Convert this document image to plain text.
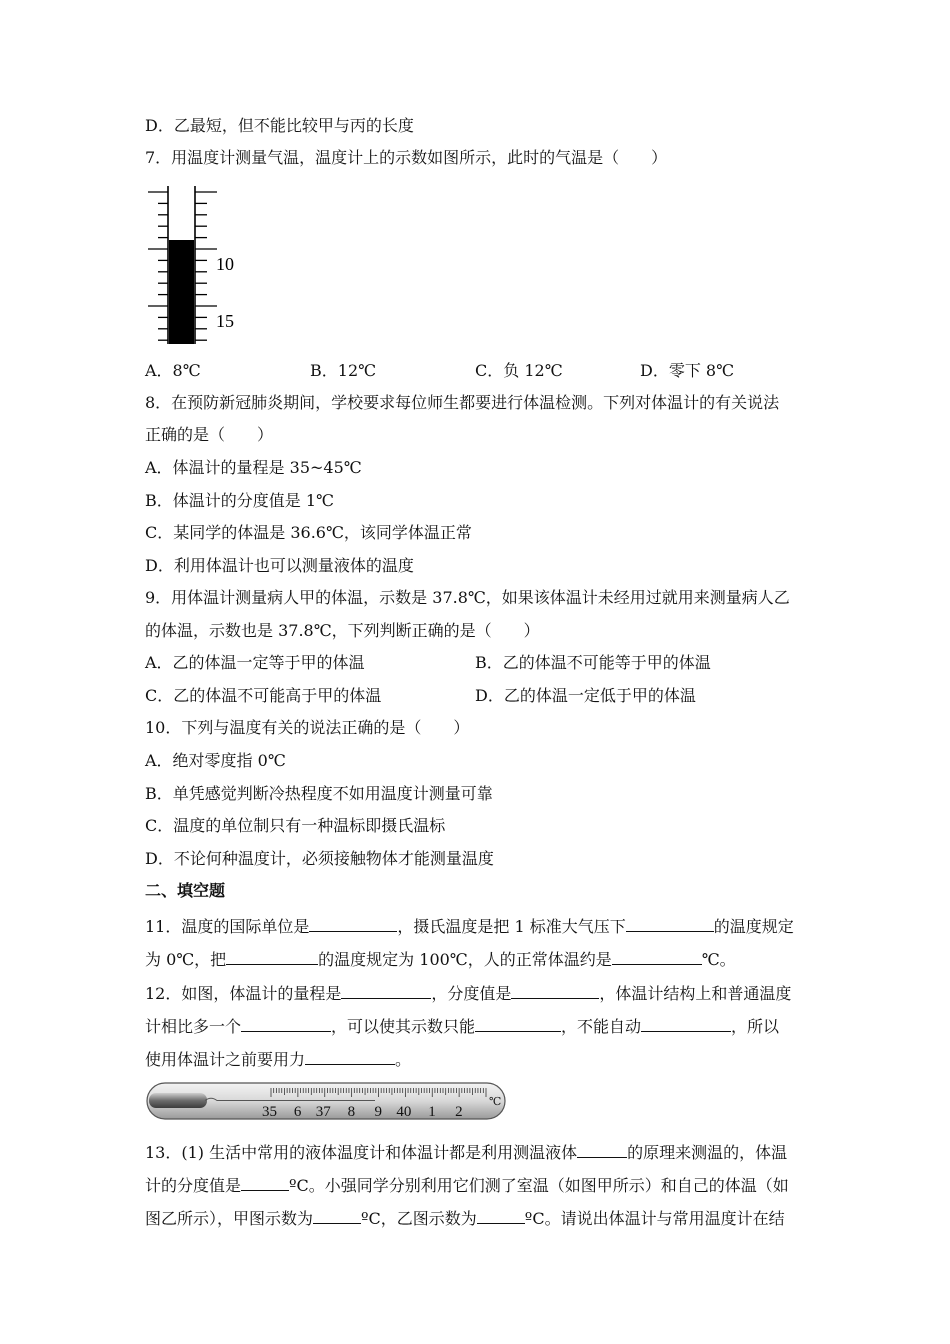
D．乙最短，但不能比较甲与丙的长度
7．用温度计测量气温，温度计上的示数如图所示，此时的气温是（　　）
10
15
A．8℃	B．12℃	C．负 12℃	D．零下 8℃
8．在预防新冠肺炎期间，学校要求每位师生都要进行体温检测。下列对体温计的有关说法
正确的是（　　）
A．体温计的量程是 35~45℃
B．体温计的分度值是 1℃
C．某同学的体温是 36.6℃，该同学体温正常
D．利用体温计也可以测量液体的温度
9．用体温计测量病人甲的体温，示数是 37.8℃，如果该体温计未经用过就用来测量病人乙
的体温，示数也是 37.8℃，下列判断正确的是（　　）
A．乙的体温一定等于甲的体温	B．乙的体温不可能等于甲的体温
C．乙的体温不可能高于甲的体温	D．乙的体温一定低于甲的体温
10．下列与温度有关的说法正确的是（　　）
A．绝对零度指 0℃
B．单凭感觉判断冷热程度不如用温度计测量可靠
C．温度的单位制只有一种温标即摄氏温标
D．不论何种温度计，必须接触物体才能测量温度
二、填空题
11．温度的国际单位是	，摄氏温度是把 1 标准大气压下	的温度规定
为 0℃，把	的温度规定为 100℃，人的正常体温约是	℃。
12．如图，体温计的量程是	，分度值是	，体温计结构上和普通温度
计相比多一个	，可以使其示数只能	，不能自动	，所以
使用体温计之前要用力	。
35 6 37 8 9 40 1 2
℃
13．(1) 生活中常用的液体温度计和体温计都是利用测温液体	的原理来测温的，体温
计的分度值是	ºC。小强同学分别利用它们测了室温（如图甲所示）和自己的体温（如
图乙所示），甲图示数为	ºC，乙图示数为	ºC。请说出体温计与常用温度计在结
